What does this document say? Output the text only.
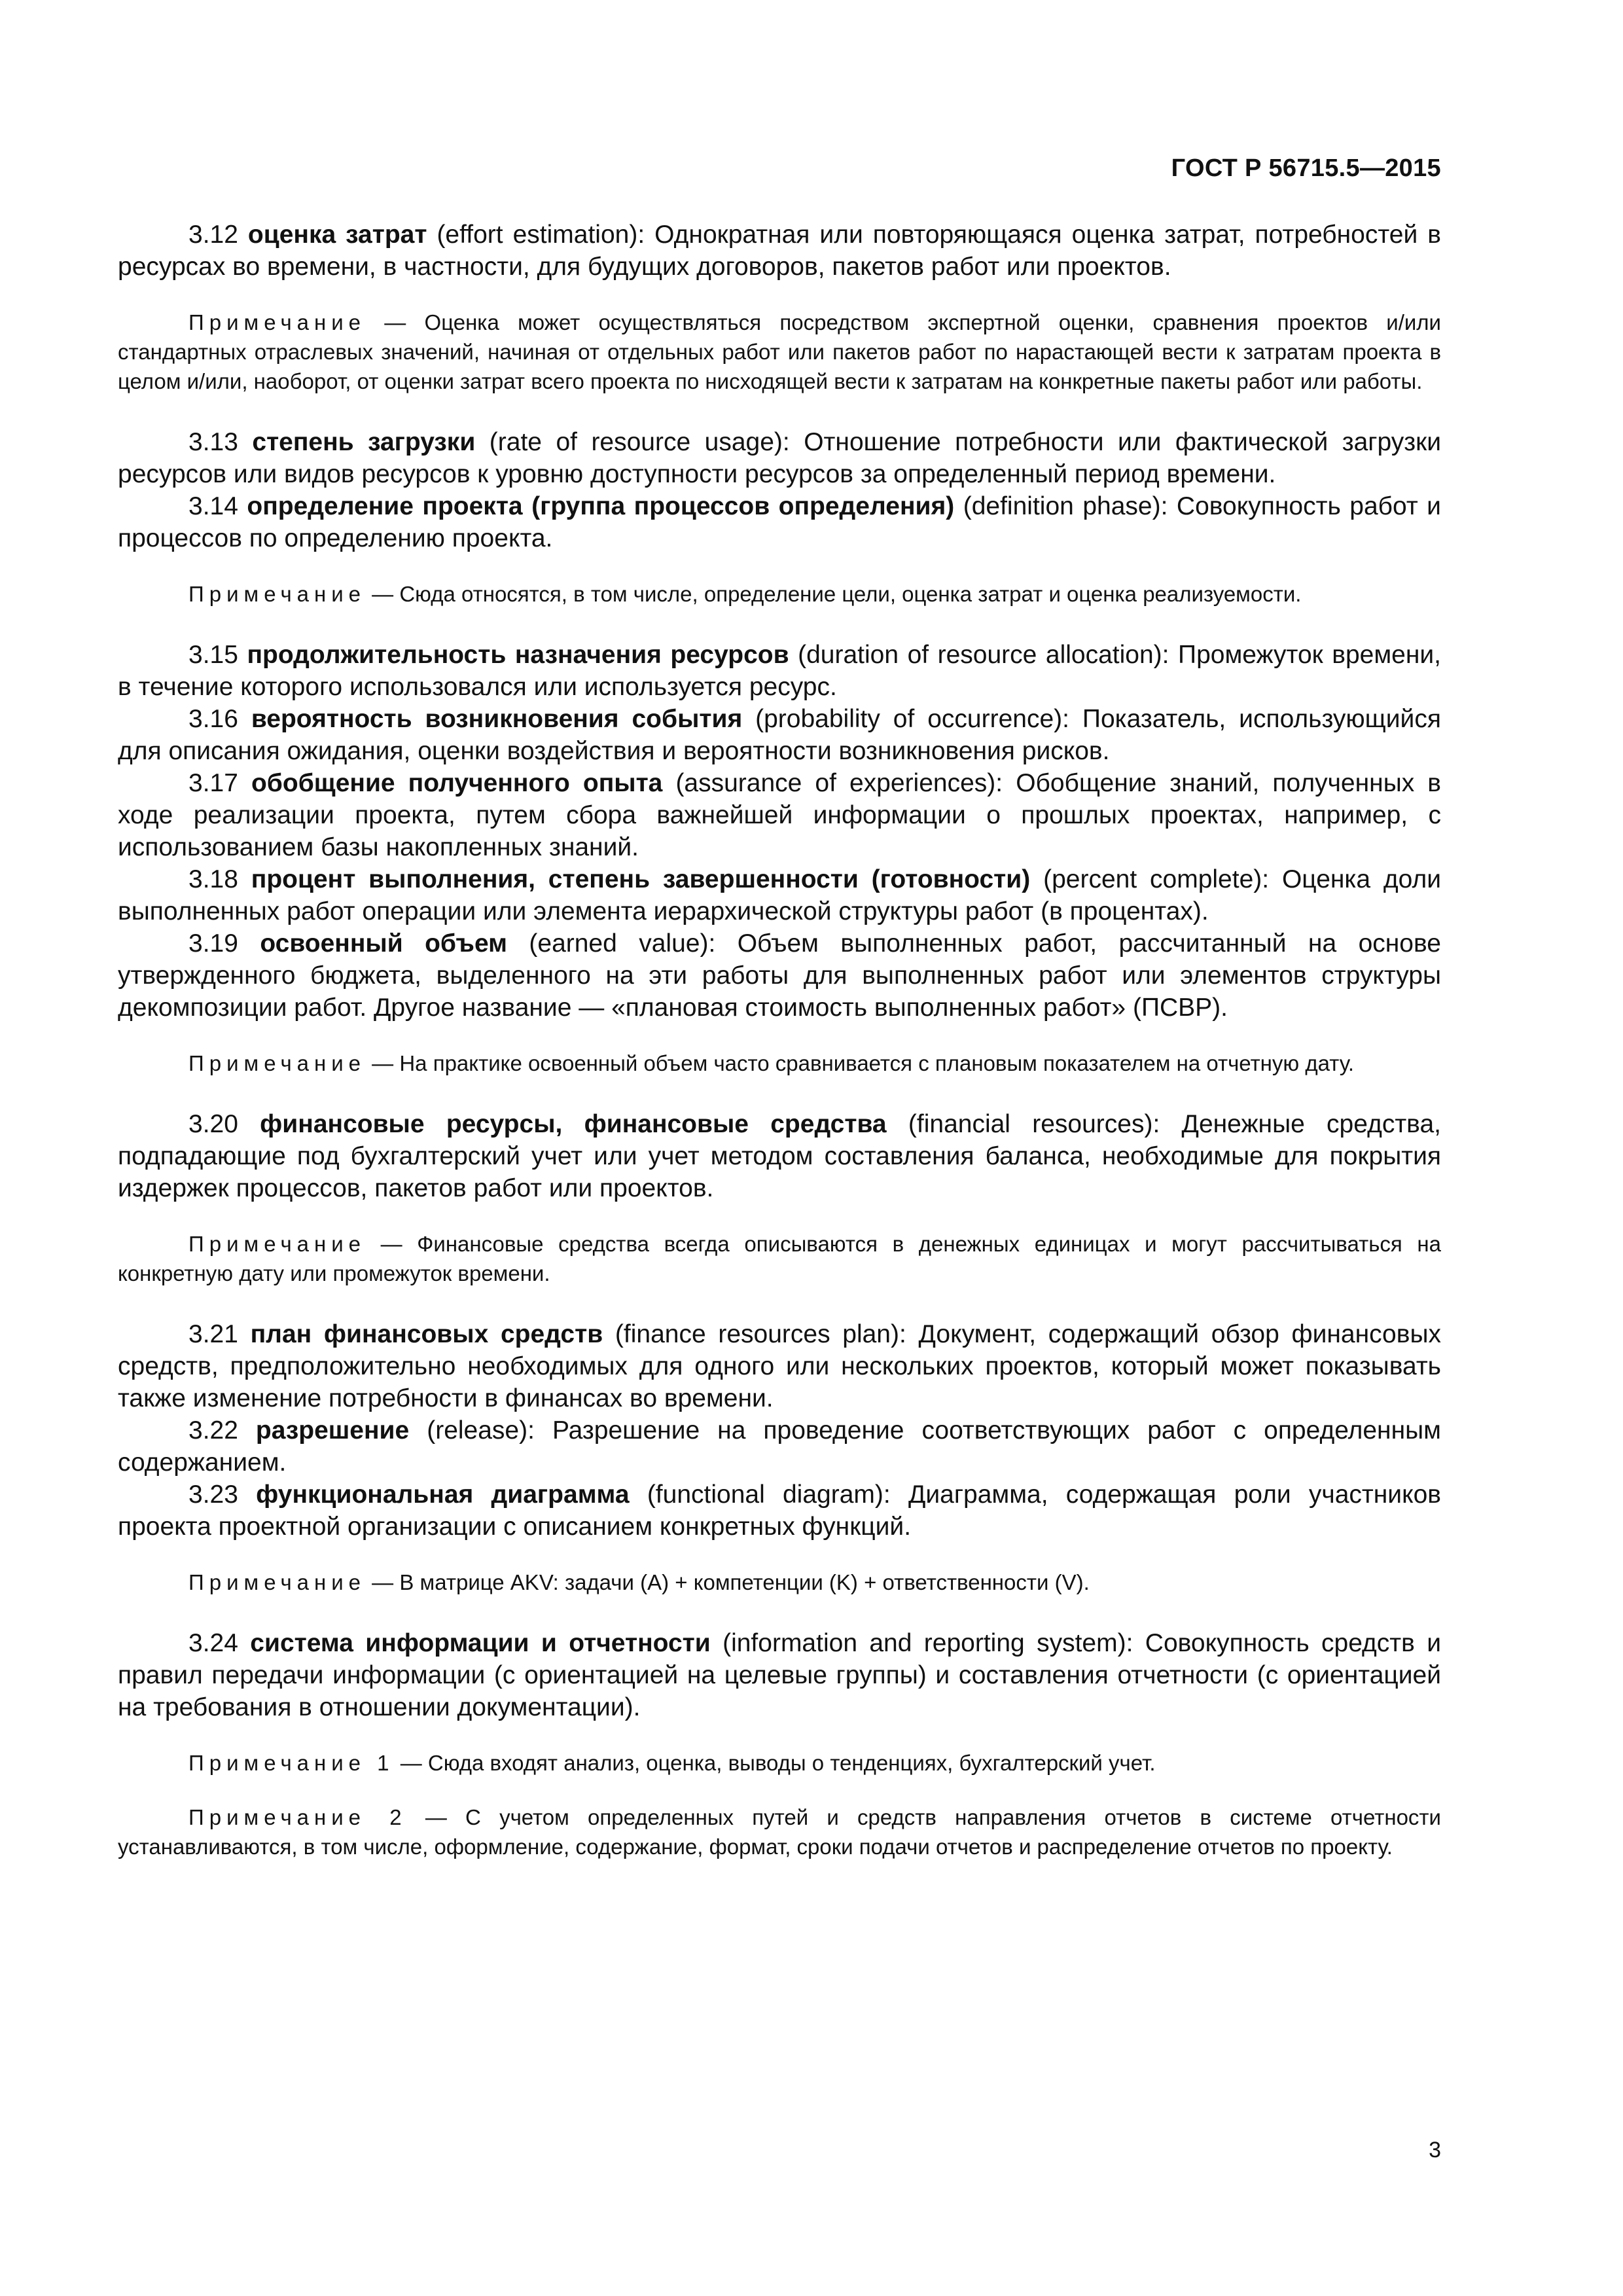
ГОСТ Р 56715.5—2015

3.12 оценка затрат (effort estimation): Однократная или повторяющаяся оценка затрат, потребностей в ресурсах во времени, в частности, для будущих договоров, пакетов работ или проектов.

Примечание — Оценка может осуществляться посредством экспертной оценки, сравнения проектов и/или стандартных отраслевых значений, начиная от отдельных работ или пакетов работ по нарастающей вести к затратам проекта в целом и/или, наоборот, от оценки затрат всего проекта по нисходящей вести к затратам на конкретные пакеты работ или работы.

3.13 степень загрузки (rate of resource usage): Отношение потребности или фактической загрузки ресурсов или видов ресурсов к уровню доступности ресурсов за определенный период времени.

3.14 определение проекта (группа процессов определения) (definition phase): Совокупность работ и процессов по определению проекта.

Примечание — Сюда относятся, в том числе, определение цели, оценка затрат и оценка реализуемости.

3.15 продолжительность назначения ресурсов (duration of resource allocation): Промежуток времени, в течение которого использовался или используется ресурс.

3.16 вероятность возникновения события (probability of occurrence): Показатель, использующийся для описания ожидания, оценки воздействия и вероятности возникновения рисков.

3.17 обобщение полученного опыта (assurance of experiences): Обобщение знаний, полученных в ходе реализации проекта, путем сбора важнейшей информации о прошлых проектах, например, с использованием базы накопленных знаний.

3.18 процент выполнения, степень завершенности (готовности) (percent complete): Оценка доли выполненных работ операции или элемента иерархической структуры работ (в процентах).

3.19 освоенный объем (earned value): Объем выполненных работ, рассчитанный на основе утвержденного бюджета, выделенного на эти работы для выполненных работ или элементов структуры декомпозиции работ. Другое название — «плановая стоимость выполненных работ» (ПСВР).

Примечание — На практике освоенный объем часто сравнивается с плановым показателем на отчетную дату.

3.20 финансовые ресурсы, финансовые средства (financial resources): Денежные средства, подпадающие под бухгалтерский учет или учет методом составления баланса, необходимые для покрытия издержек процессов, пакетов работ или проектов.

Примечание — Финансовые средства всегда описываются в денежных единицах и могут рассчитываться на конкретную дату или промежуток времени.

3.21 план финансовых средств (finance resources plan): Документ, содержащий обзор финансовых средств, предположительно необходимых для одного или нескольких проектов, который может показывать также изменение потребности в финансах во времени.

3.22 разрешение (release): Разрешение на проведение соответствующих работ с определенным содержанием.

3.23 функциональная диаграмма (functional diagram): Диаграмма, содержащая роли участников проекта проектной организации с описанием конкретных функций.

Примечание — В матрице AKV: задачи (A) + компетенции (K) + ответственности (V).

3.24 система информации и отчетности (information and reporting system): Совокупность средств и правил передачи информации (с ориентацией на целевые группы) и составления отчетности (с ориентацией на требования в отношении документации).

Примечание 1 — Сюда входят анализ, оценка, выводы о тенденциях, бухгалтерский учет.

Примечание 2 — С учетом определенных путей и средств направления отчетов в системе отчетности устанавливаются, в том числе, оформление, содержание, формат, сроки подачи отчетов и распределение отчетов по проекту.

3
